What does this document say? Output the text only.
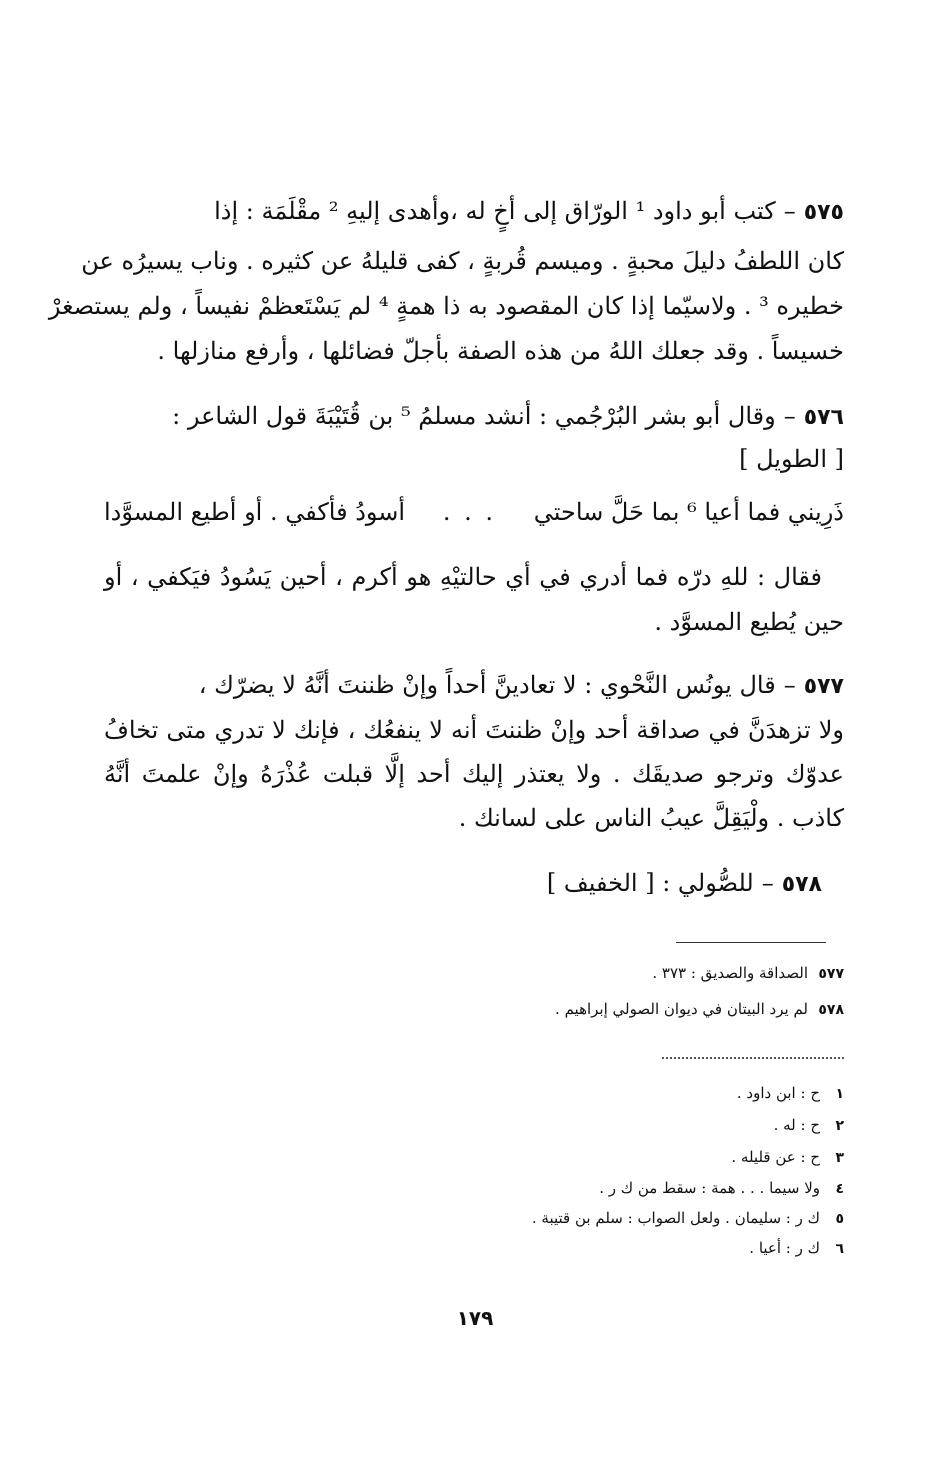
٥٧٥–كتب أبو داود ¹ الورّاق إلى أخٍ له ،وأهدى إليهِ ² مقْلَمَة : إذا
كان اللطفُ دليلَ محبةٍ . وميسم قُربةٍ ، كفى قليلهُ عن كثيره . وناب يسيرُه عن
خطيره ³ . ولاسيّما إذا كان المقصود به ذا همةٍ ⁴ لم يَسْتَعظمْ نفيساً ، ولم يستصغرْ
خسيساً . وقد جعلك اللهُ من هذه الصفة بأجلّ فضائلها ، وأرفع منازلها .
٥٧٦–وقال أبو بشر البُرْجُمي : أنشد مسلمُ ⁵ بن قُتَيْبَةَ قول الشاعر :
[ الطويل ]
ذَرِيني فما أعيا ⁶ بما حَلَّ ساحتي
. . .
أسودُ فأكفي . أو أطيع المسوَّدا
فقال : للهِ درّه فما أدري في أي حالتيْهِ هو أكرم ، أحين يَسُودُ فيَكفي ، أو
حين يُطيع المسوَّد .
٥٧٧–قال يونُس النَّحْوي : لا تعادينَّ أحداً وإنْ ظننتَ أنَّهُ لا يضرّك ،
ولا تزهدَنَّ في صداقة أحد وإنْ ظننتَ أنه لا ينفعُك ، فإنك لا تدري متى تخافُ
عدوّك وترجو صديقَك . ولا يعتذر إليك أحد إلَّا قبلت عُذْرَهُ وإنْ علمتَ أنَّهُ
كاذب . ولْيَقِلَّ عيبُ الناس على لسانك .
٥٧٨–للصُّولي : [ الخفيف ]
٥٧٧الصداقة والصديق : ٣٧٣ .
٥٧٨لم يرد البيتان في ديوان الصولي إبراهيم .
١ح : ابن داود .
٢ح : له .
٣ح : عن قليله .
٤ولا سيما . . . همة : سقط من ك ر .
٥ك ر : سليمان . ولعل الصواب : سلم بن قتيبة .
٦ك ر : أعيا .
١٧٩
